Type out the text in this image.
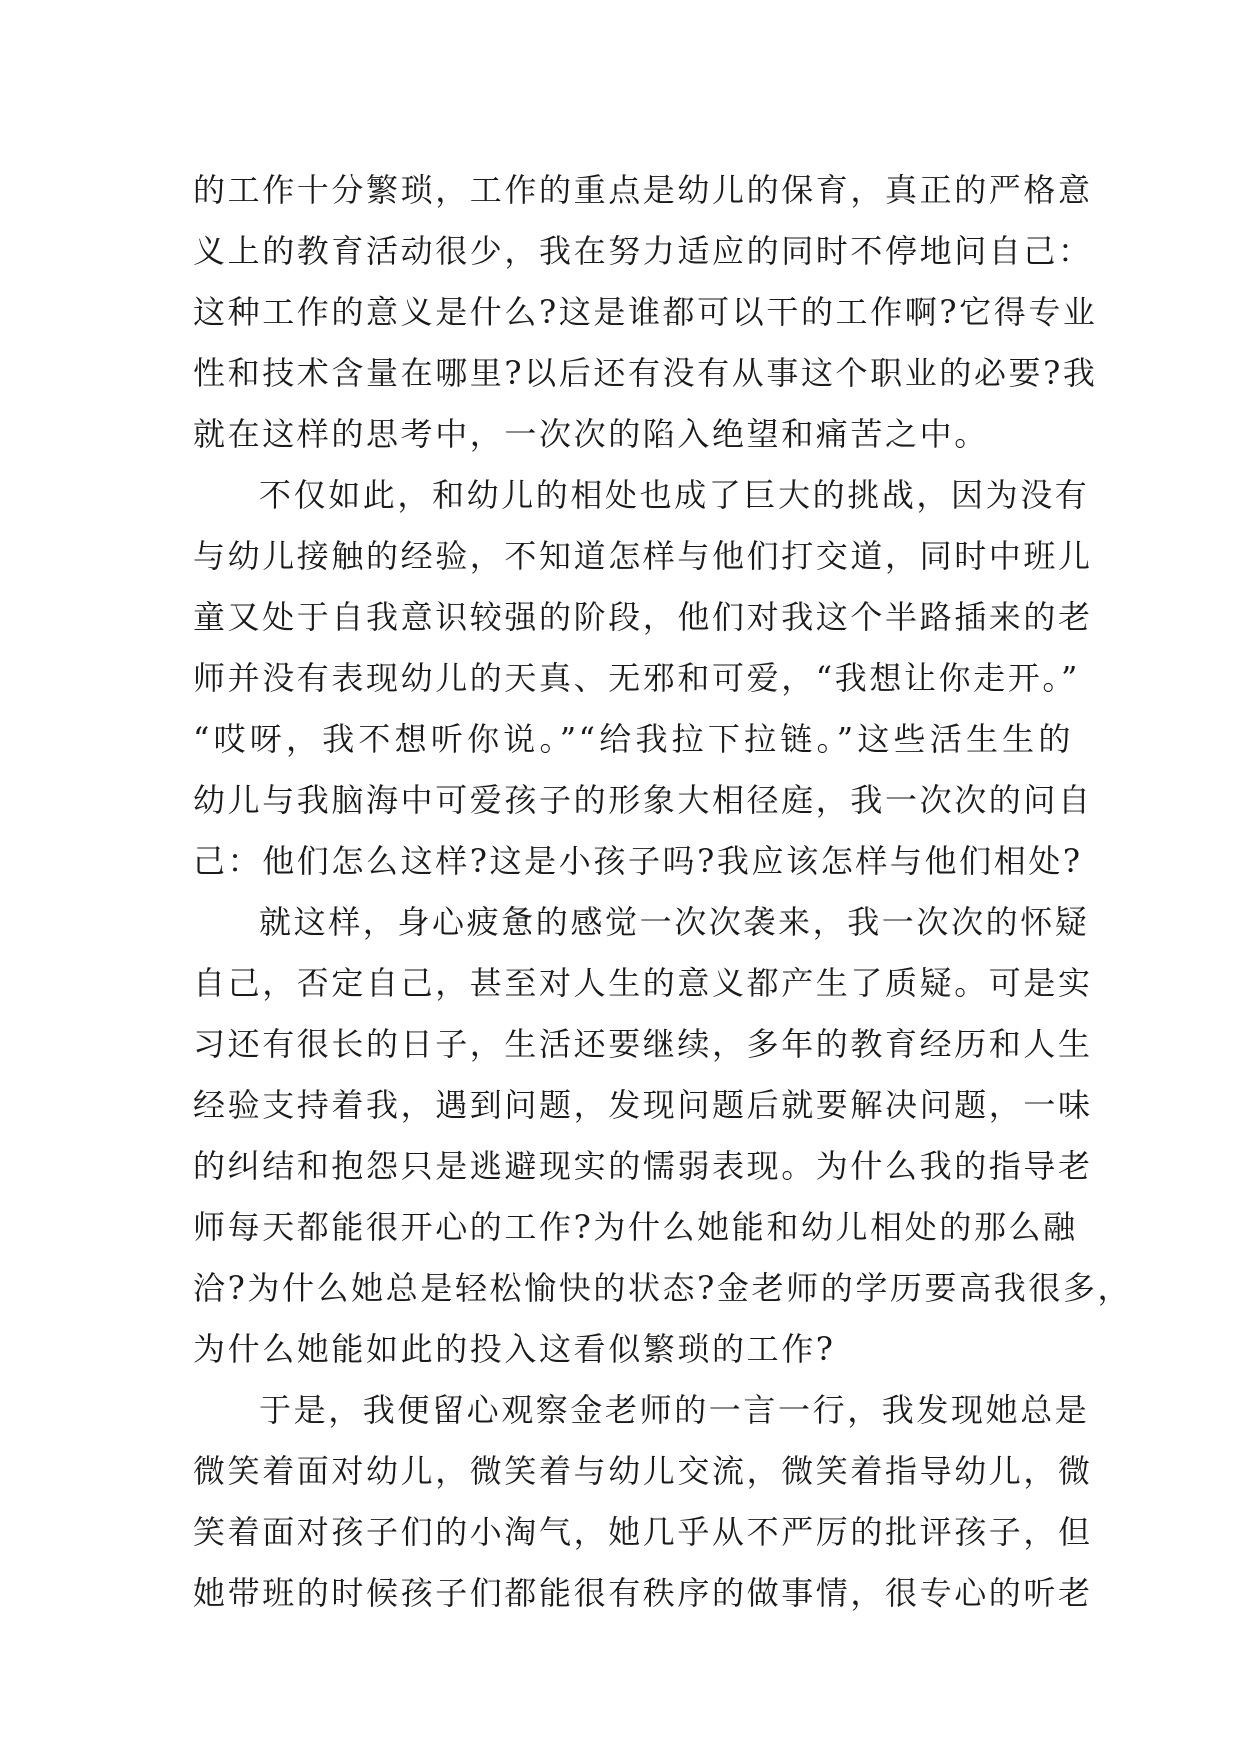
的工作十分繁琐，工作的重点是幼儿的保育，真正的严格意
义上的教育活动很少，我在努力适应的同时不停地问自己：
这种工作的意义是什么?这是谁都可以干的工作啊?它得专业
性和技术含量在哪里?以后还有没有从事这个职业的必要?我
就在这样的思考中，一次次的陷入绝望和痛苦之中。
不仅如此，和幼儿的相处也成了巨大的挑战，因为没有
与幼儿接触的经验，不知道怎样与他们打交道，同时中班儿
童又处于自我意识较强的阶段，他们对我这个半路插来的老
师并没有表现幼儿的天真、无邪和可爱，“我想让你走开。”
“哎呀，我不想听你说。”“给我拉下拉链。”这些活生生的
幼儿与我脑海中可爱孩子的形象大相径庭，我一次次的问自
己：他们怎么这样?这是小孩子吗?我应该怎样与他们相处?
就这样，身心疲惫的感觉一次次袭来，我一次次的怀疑
自己，否定自己，甚至对人生的意义都产生了质疑。可是实
习还有很长的日子，生活还要继续，多年的教育经历和人生
经验支持着我，遇到问题，发现问题后就要解决问题，一味
的纠结和抱怨只是逃避现实的懦弱表现。为什么我的指导老
师每天都能很开心的工作?为什么她能和幼儿相处的那么融
洽?为什么她总是轻松愉快的状态?金老师的学历要高我很多，
为什么她能如此的投入这看似繁琐的工作?
于是，我便留心观察金老师的一言一行，我发现她总是
微笑着面对幼儿，微笑着与幼儿交流，微笑着指导幼儿，微
笑着面对孩子们的小淘气，她几乎从不严厉的批评孩子，但
她带班的时候孩子们都能很有秩序的做事情，很专心的听老
